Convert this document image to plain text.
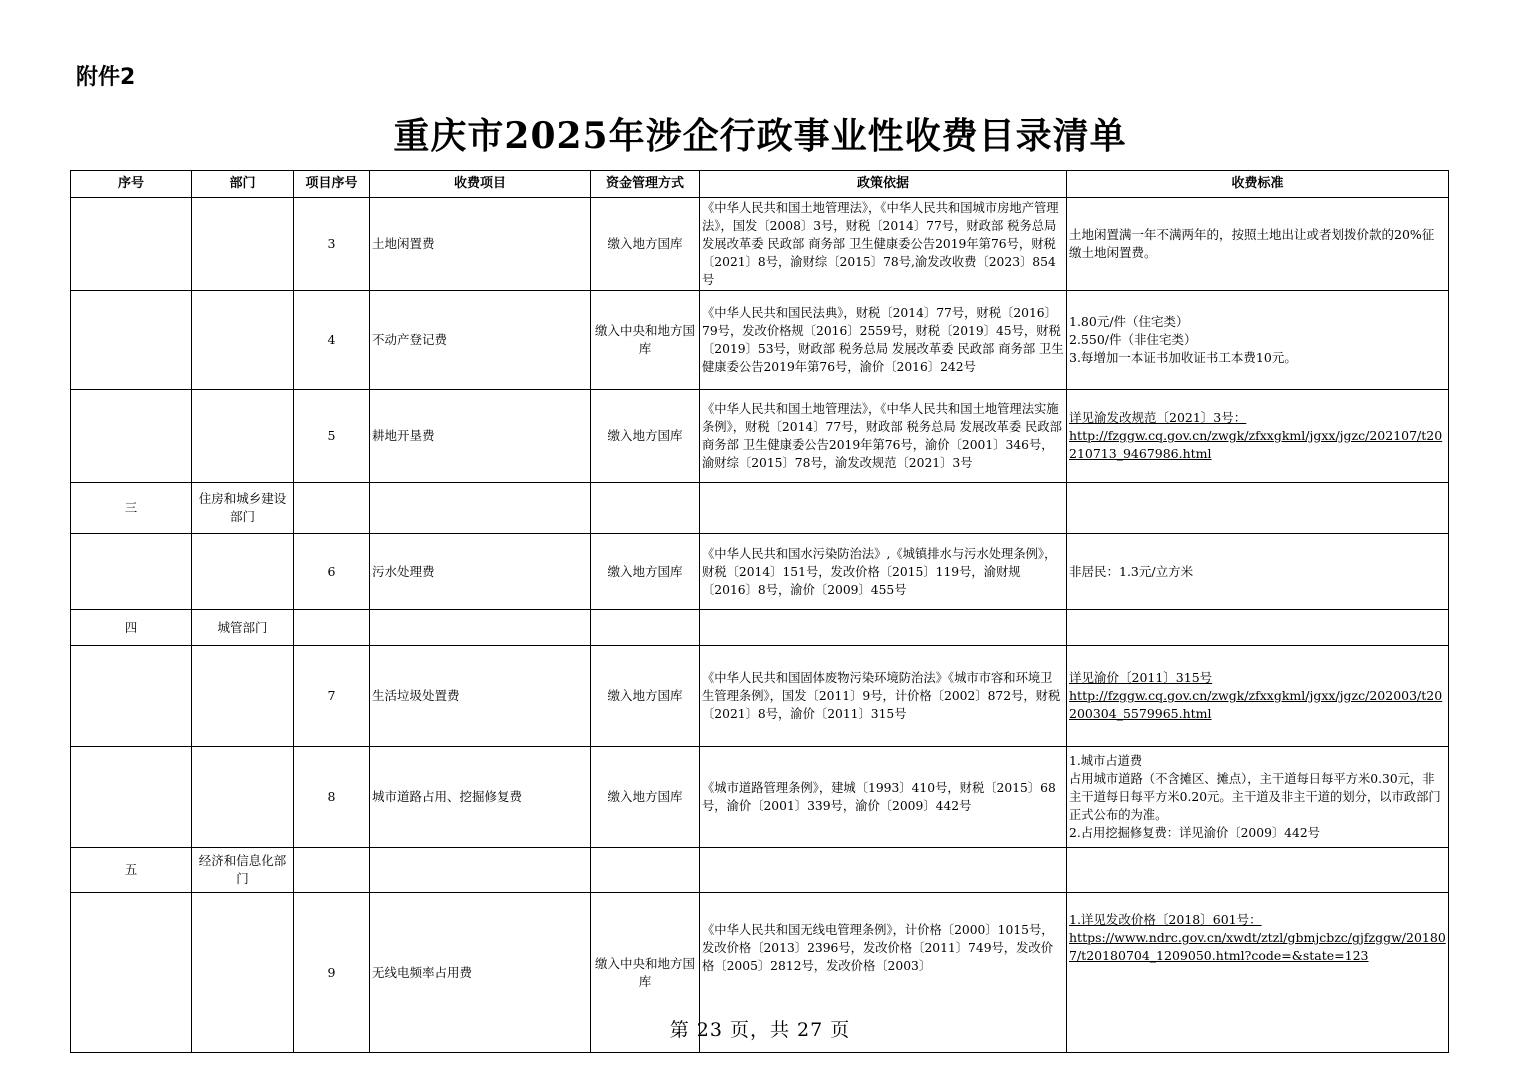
附件2
重庆市2025年涉企行政事业性收费目录清单
序号	部门	项目序号	收费项目	资金管理方式	政策依据	收费标准
		3	土地闲置费	缴入地方国库	《中华人民共和国土地管理法》，《中华人民共和国城市房地产管理法》，国发〔2008〕3号，财税〔2014〕77号，财政部 税务总局 发展改革委 民政部 商务部 卫生健康委公告2019年第76号，财税〔2021〕8号，渝财综〔2015〕78号,渝发改收费〔2023〕854号	土地闲置满一年不满两年的，按照土地出让或者划拨价款的20%征缴土地闲置费。
		4	不动产登记费	缴入中央和地方国库	《中华人民共和国民法典》，财税〔2014〕77号，财税〔2016〕79号，发改价格规〔2016〕2559号，财税〔2019〕45号，财税〔2019〕53号，财政部 税务总局 发展改革委 民政部 商务部 卫生健康委公告2019年第76号，渝价〔2016〕242号	1.80元/件（住宅类）
2.550/件（非住宅类）
3.每增加一本证书加收证书工本费10元。

		5	耕地开垦费	缴入地方国库	《中华人民共和国土地管理法》，《中华人民共和国土地管理法实施条例》，财税〔2014〕77号，财政部 税务总局 发展改革委 民政部 商务部 卫生健康委公告2019年第76号，渝价〔2001〕346号，渝财综〔2015〕78号，渝发改规范〔2021〕3号	详见渝发改规范〔2021〕3号：
http://fzggw.cq.gov.cn/zwgk/zfxxgkml/jgxx/jgzc/202107/t20210713_9467986.html

三	住房和城乡建设部门					
		6	污水处理费	缴入地方国库	《中华人民共和国水污染防治法》,《城镇排水与污水处理条例》，财税〔2014〕151号，发改价格〔2015〕119号，渝财规〔2016〕8号，渝价〔2009〕455号	非居民：1.3元/立方米
四	城管部门					
		7	生活垃圾处置费	缴入地方国库	《中华人民共和国固体废物污染环境防治法》《城市市容和环境卫生管理条例》，国发〔2011〕9号，计价格〔2002〕872号，财税〔2021〕8号，渝价〔2011〕315号	详见渝价〔2011〕315号
http://fzggw.cq.gov.cn/zwgk/zfxxgkml/jgxx/jgzc/202003/t20200304_5579965.html

		8	城市道路占用、挖掘修复费	缴入地方国库	《城市道路管理条例》，建城〔1993〕410号，财税〔2015〕68号，渝价〔2001〕339号，渝价〔2009〕442号	1.城市占道费
占用城市道路（不含摊区、摊点），主干道每日每平方米0.30元，非主干道每日每平方米0.20元。主干道及非主干道的划分，以市政部门正式公布的为准。
2.占用挖掘修复费：详见渝价〔2009〕442号

五	经济和信息化部门					
		9	无线电频率占用费	缴入中央和地方国库	《中华人民共和国无线电管理条例》，计价格〔2000〕1015号，发改价格〔2013〕2396号，发改价格〔2011〕749号，发改价格〔2005〕2812号，发改价格〔2003〕	1.详见发改价格〔2018〕601号：
https://www.ndrc.gov.cn/xwdt/ztzl/gbmjcbzc/gjfzggw/201807/t20180704_1209050.html?code=&state=123
第 23 页，共 27 页
